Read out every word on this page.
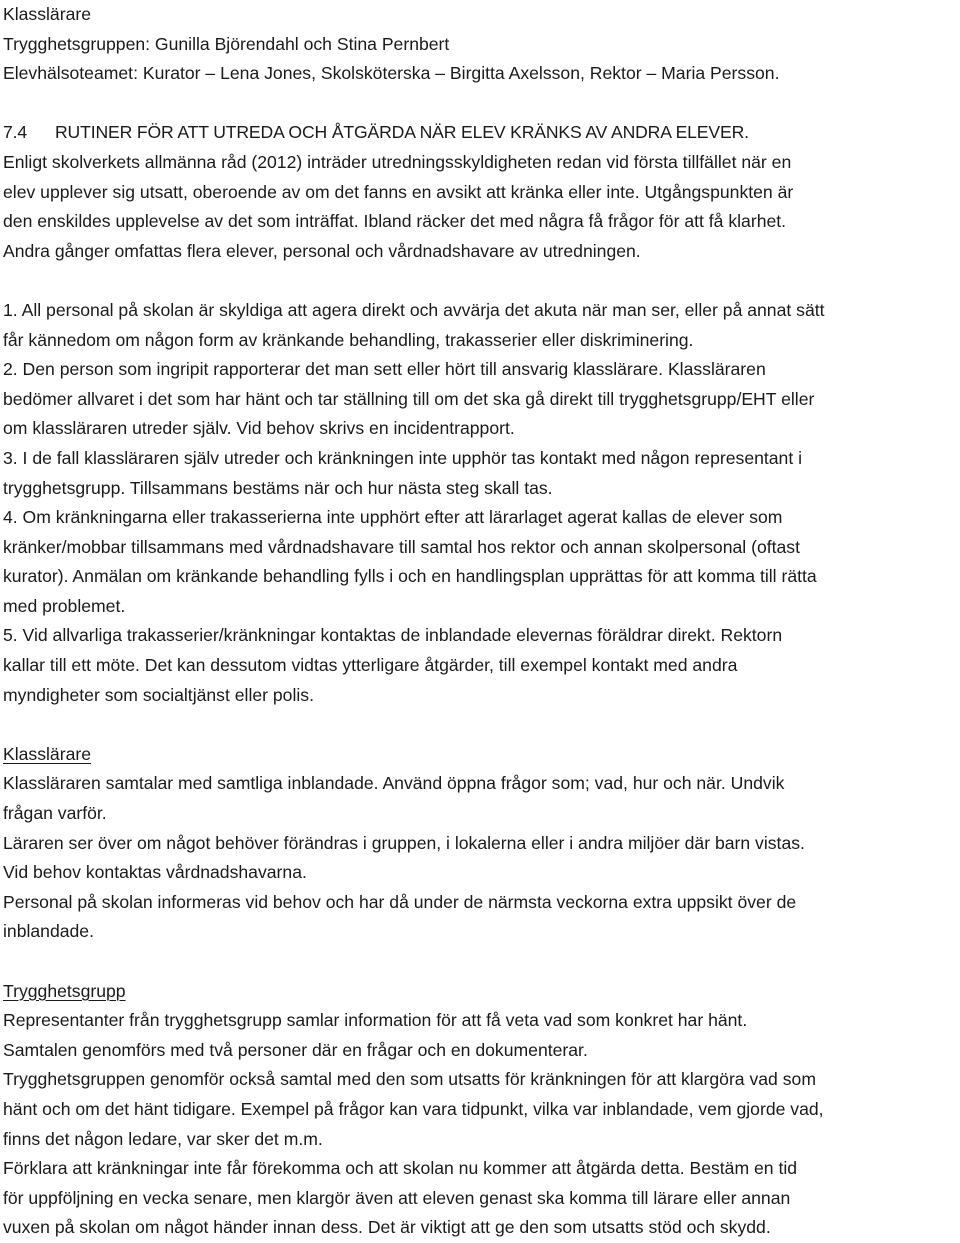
Klasslärare

Trygghetsgruppen: Gunilla Björendahl och Stina Pernbert

Elevhälsoteamet: Kurator – Lena Jones, Skolsköterska – Birgitta Axelsson, Rektor – Maria Persson.

7.4 RUTINER FÖR ATT UTREDA OCH ÅTGÄRDA NÄR ELEV KRÄNKS AV ANDRA ELEVER.

Enligt skolverkets allmänna råd (2012) inträder utredningsskyldigheten redan vid första tillfället när en

elev upplever sig utsatt, oberoende av om det fanns en avsikt att kränka eller inte. Utgångspunkten är

den enskildes upplevelse av det som inträffat. Ibland räcker det med några få frågor för att få klarhet.

Andra gånger omfattas flera elever, personal och vårdnadshavare av utredningen.

1. All personal på skolan är skyldiga att agera direkt och avvärja det akuta när man ser, eller på annat sätt

får kännedom om någon form av kränkande behandling, trakasserier eller diskriminering.

2. Den person som ingripit rapporterar det man sett eller hört till ansvarig klasslärare. Klassläraren

bedömer allvaret i det som har hänt och tar ställning till om det ska gå direkt till trygghetsgrupp/EHT eller

om klassläraren utreder själv. Vid behov skrivs en incidentrapport.

3. I de fall klassläraren själv utreder och kränkningen inte upphör tas kontakt med någon representant i

trygghetsgrupp. Tillsammans bestäms när och hur nästa steg skall tas.

4. Om kränkningarna eller trakasserierna inte upphört efter att lärarlaget agerat kallas de elever som

kränker/mobbar tillsammans med vårdnadshavare till samtal hos rektor och annan skolpersonal (oftast

kurator). Anmälan om kränkande behandling fylls i och en handlingsplan upprättas för att komma till rätta

med problemet.

5. Vid allvarliga trakasserier/kränkningar kontaktas de inblandade elevernas föräldrar direkt. Rektorn

kallar till ett möte. Det kan dessutom vidtas ytterligare åtgärder, till exempel kontakt med andra

myndigheter som socialtjänst eller polis.

Klasslärare

Klassläraren samtalar med samtliga inblandade. Använd öppna frågor som; vad, hur och när. Undvik

frågan varför.

Läraren ser över om något behöver förändras i gruppen, i lokalerna eller i andra miljöer där barn vistas.

Vid behov kontaktas vårdnadshavarna.

Personal på skolan informeras vid behov och har då under de närmsta veckorna extra uppsikt över de

inblandade.

Trygghetsgrupp

Representanter från trygghetsgrupp samlar information för att få veta vad som konkret har hänt.

Samtalen genomförs med två personer där en frågar och en dokumenterar.

Trygghetsgruppen genomför också samtal med den som utsatts för kränkningen för att klargöra vad som

hänt och om det hänt tidigare. Exempel på frågor kan vara tidpunkt, vilka var inblandade, vem gjorde vad,

finns det någon ledare, var sker det m.m.

Förklara att kränkningar inte får förekomma och att skolan nu kommer att åtgärda detta. Bestäm en tid

för uppföljning en vecka senare, men klargör även att eleven genast ska komma till lärare eller annan

vuxen på skolan om något händer innan dess. Det är viktigt att ge den som utsatts stöd och skydd.
